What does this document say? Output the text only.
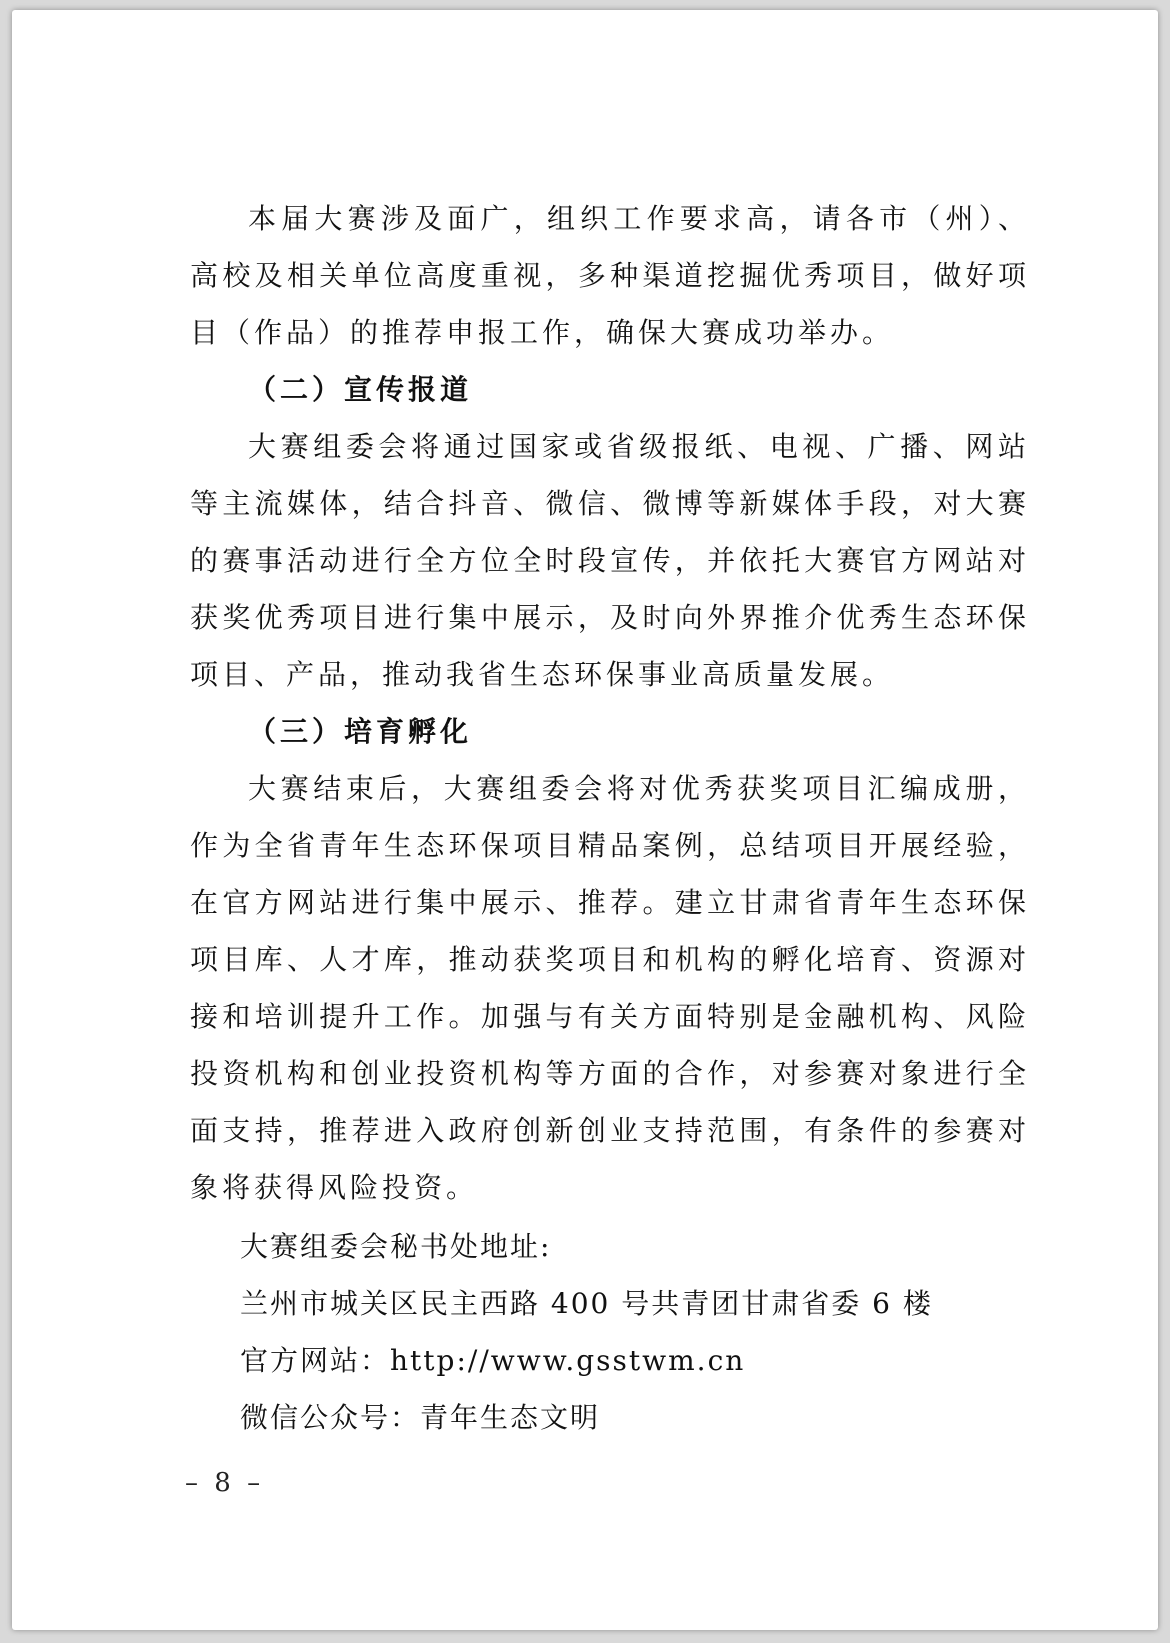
本届大赛涉及面广，组织工作要求高，请各市（州）、高校及相关单位高度重视，多种渠道挖掘优秀项目，做好项目（作品）的推荐申报工作，确保大赛成功举办。

（二）宣传报道

大赛组委会将通过国家或省级报纸、电视、广播、网站等主流媒体，结合抖音、微信、微博等新媒体手段，对大赛的赛事活动进行全方位全时段宣传，并依托大赛官方网站对获奖优秀项目进行集中展示，及时向外界推介优秀生态环保项目、产品，推动我省生态环保事业高质量发展。

（三）培育孵化

大赛结束后，大赛组委会将对优秀获奖项目汇编成册，作为全省青年生态环保项目精品案例，总结项目开展经验，在官方网站进行集中展示、推荐。建立甘肃省青年生态环保项目库、人才库，推动获奖项目和机构的孵化培育、资源对接和培训提升工作。加强与有关方面特别是金融机构、风险投资机构和创业投资机构等方面的合作，对参赛对象进行全面支持，推荐进入政府创新创业支持范围，有条件的参赛对象将获得风险投资。

大赛组委会秘书处地址:
兰州市城关区民主西路 400 号共青团甘肃省委 6 楼
官方网站：http://www.gsstwm.cn
微信公众号：青年生态文明
– 8 –
